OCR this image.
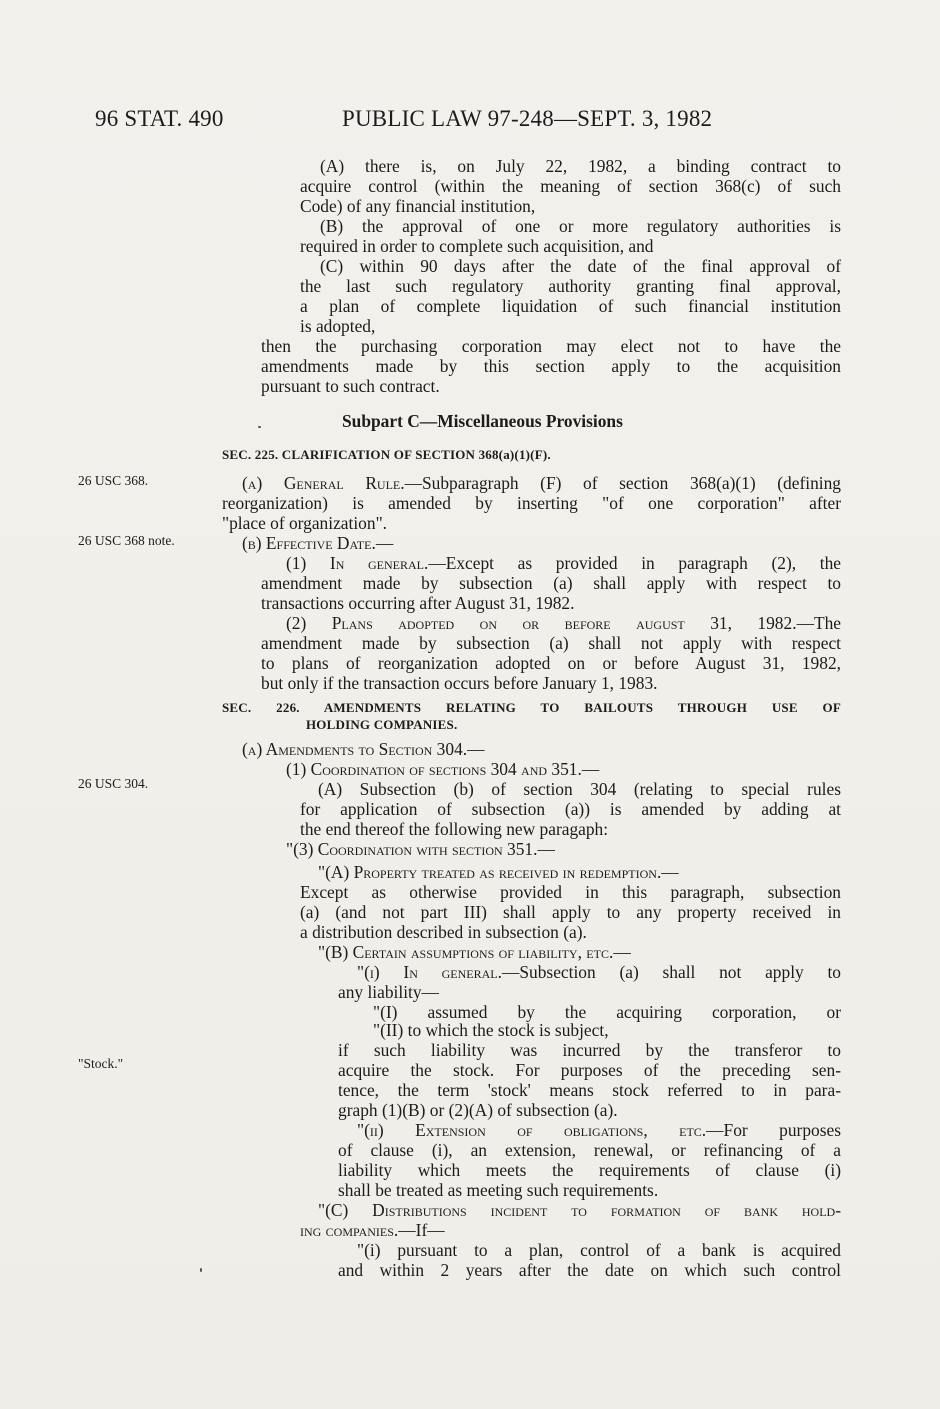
96 STAT. 490	PUBLIC LAW 97-248—SEPT. 3, 1982
26 USC 368.
26 USC 368 note.
26 USC 304.
"Stock."
(A) there is, on July 22, 1982, a binding contract to
acquire control (within the meaning of section 368(c) of such
Code) of any financial institution,
(B) the approval of one or more regulatory authorities is
required in order to complete such acquisition, and
(C) within 90 days after the date of the final approval of
the last such regulatory authority granting final approval,
a plan of complete liquidation of such financial institution
is adopted,
then the purchasing corporation may elect not to have the
amendments made by this section apply to the acquisition
pursuant to such contract.
Subpart C—Miscellaneous Provisions
SEC. 225. CLARIFICATION OF SECTION 368(a)(1)(F).
(a) General Rule.—Subparagraph (F) of section 368(a)(1) (defining
reorganization) is amended by inserting "of one corporation" after
"place of organization".
(b) Effective Date.—
(1) In general.—Except as provided in paragraph (2), the
amendment made by subsection (a) shall apply with respect to
transactions occurring after August 31, 1982.
(2) Plans adopted on or before august 31, 1982.—The
amendment made by subsection (a) shall not apply with respect
to plans of reorganization adopted on or before August 31, 1982,
but only if the transaction occurs before January 1, 1983.
SEC. 226. AMENDMENTS RELATING TO BAILOUTS THROUGH USE OF
HOLDING COMPANIES.
(a) Amendments to Section 304.—
(1) Coordination of sections 304 and 351.—
(A) Subsection (b) of section 304 (relating to special rules
for application of subsection (a)) is amended by adding at
the end thereof the following new paragaph:
"(3) Coordination with section 351.—
"(A) Property treated as received in redemption.—
Except as otherwise provided in this paragraph, subsection
(a) (and not part III) shall apply to any property received in
a distribution described in subsection (a).
"(B) Certain assumptions of liability, etc.—
"(i) In general.—Subsection (a) shall not apply to
any liability—
"(I) assumed by the acquiring corporation, or
"(II) to which the stock is subject,
if such liability was incurred by the transferor to
acquire the stock. For purposes of the preceding sen-
tence, the term 'stock' means stock referred to in para-
graph (1)(B) or (2)(A) of subsection (a).
"(ii) Extension of obligations, etc.—For purposes
of clause (i), an extension, renewal, or refinancing of a
liability which meets the requirements of clause (i)
shall be treated as meeting such requirements.
"(C) Distributions incident to formation of bank hold-
ing companies.—If—
"(i) pursuant to a plan, control of a bank is acquired
and within 2 years after the date on which such control
